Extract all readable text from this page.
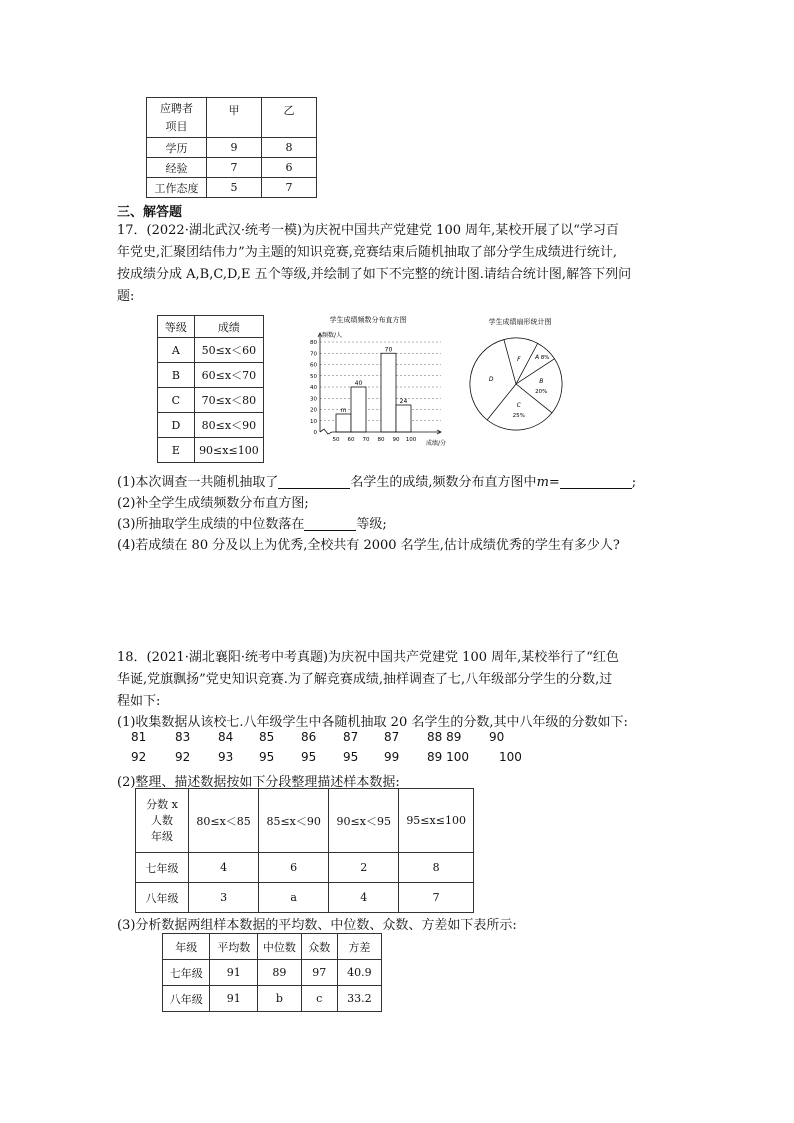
应聘者
项目	甲	乙
学历	9	8
经验	7	6
工作态度	5	7
三、解答题
17．(2022·湖北武汉·统考一模)为庆祝中国共产党建党 100 周年,某校开展了以“学习百
年党史,汇聚团结伟力”为主题的知识竞赛,竞赛结束后随机抽取了部分学生成绩进行统计,
按成绩分成 A,B,C,D,E 五个等级,并绘制了如下不完整的统计图.请结合统计图,解答下列问
题:
等级	成绩
A	50≤x＜60
B	60≤x＜70
C	70≤x＜80
D	80≤x＜90
E	90≤x≤100
学生成绩频数分布直方图
频数/人
成绩/分
m
40
70
24
0
10
20
30
40
50
60
70
80
50 60 70 80 90 100
学生成绩扇形统计图
A 8%
B
20%
C
25%
D
F
(1)本次调查一共随机抽取了	名学生的成绩,频数分布直方图中m=	;
(2)补全学生成绩频数分布直方图;
(3)所抽取学生成绩的中位数落在	等级;
(4)若成绩在 80 分及以上为优秀,全校共有 2000 名学生,估计成绩优秀的学生有多少人?
18．(2021·湖北襄阳·统考中考真题)为庆祝中国共产党建党 100 周年,某校举行了“红色
华诞,党旗飘扬”党史知识竞赛.为了解竞赛成绩,抽样调查了七,八年级部分学生的分数,过
程如下:
(1)收集数据从该校七.八年级学生中各随机抽取 20 名学生的分数,其中八年级的分数如下:
81 83 84 85 86 87 87 88 89 90
92 92 93 95 95 95 99 89 100	100
(2)整理、描述数据按如下分段整理描述样本数据:
分数 x
人数
年级	80≤x＜85	85≤x＜90	90≤x＜95	95≤x≤100
七年级	4	6	2	8
八年级	3	a	4	7
(3)分析数据两组样本数据的平均数、中位数、众数、方差如下表所示:
年级	平均数	中位数	众数	方差
七年级	91	89	97	40.9
八年级	91	b	c	33.2
